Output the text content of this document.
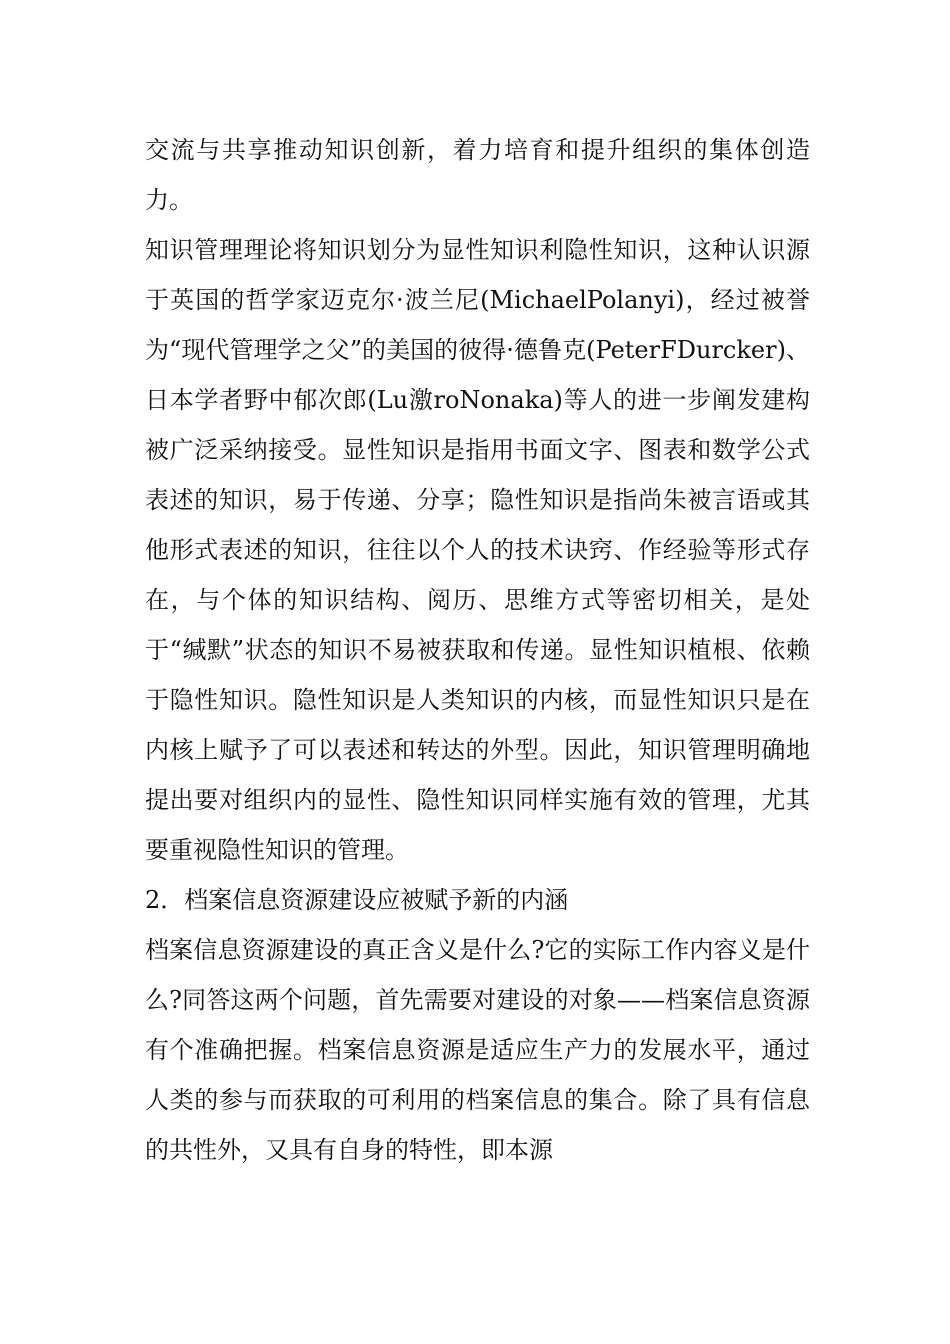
交流与共享推动知识创新，着力培育和提升组织的集体创造力。

知识管理理论将知识划分为显性知识利隐性知识，这种认识源于英国的哲学家迈克尔·波兰尼(MichaelPolanyi)，经过被誉为“现代管理学之父”的美国的彼得·德鲁克(PeterFDurcker)、日本学者野中郁次郎(Lu激roNonaka)等人的进一步阐发建构被广泛采纳接受。显性知识是指用书面文字、图表和数学公式表述的知识，易于传递、分享；隐性知识是指尚朱被言语或其他形式表述的知识，往往以个人的技术诀窍、作经验等形式存在，与个体的知识结构、阅历、思维方式等密切相关，是处于“缄默”状态的知识不易被获取和传递。显性知识植根、依赖于隐性知识。隐性知识是人类知识的内核，而显性知识只是在内核上赋予了可以表述和转达的外型。因此，知识管理明确地提出要对组织内的显性、隐性知识同样实施有效的管理，尤其要重视隐性知识的管理。

2．档案信息资源建设应被赋予新的内涵

档案信息资源建设的真正含义是什么?它的实际工作内容义是什么?同答这两个问题，首先需要对建设的对象——档案信息资源有个准确把握。档案信息资源是适应生产力的发展水平，通过人类的参与而获取的可利用的档案信息的集合。除了具有信息的共性外，又具有自身的特性，即本源
